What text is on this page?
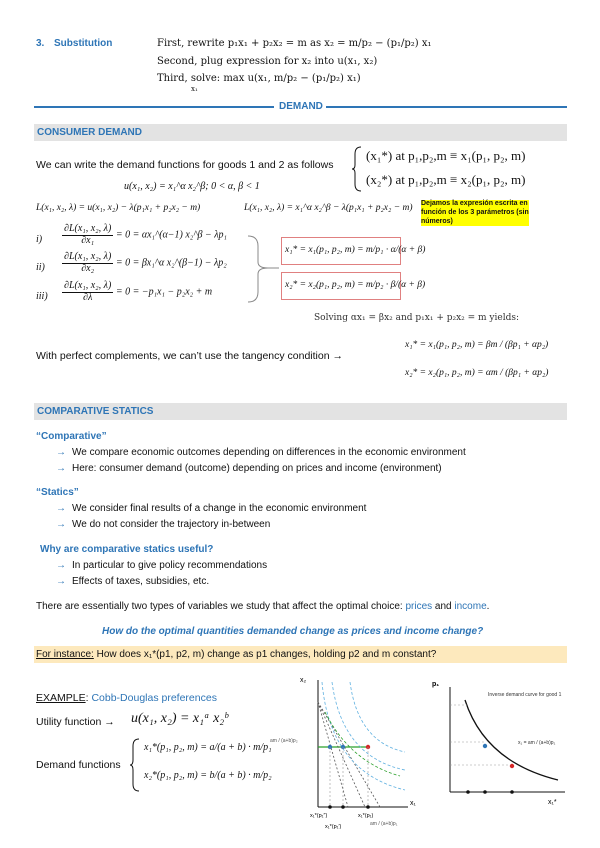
3. Substitution	First, rewrite p₁x₁ + p₂x₂ = m as x₂ = m/p₂ − (p₁/p₂) x₁
Second, plug expression for x₂ into u(x₁, x₂)
Third, solve: max u(x₁, m/p₂ − (p₁/p₂) x₁)
x₁
DEMAND
CONSUMER DEMAND
We can write the demand functions for goods 1 and 2 as follows
(x₁*) at p₁,p₂,m ≡ x₁(p₁, p₂, m)
(x₂*) at p₁,p₂,m ≡ x₂(p₁, p₂, m)
u(x₁, x₂) = x₁^α x₂^β; 0 < α, β < 1
L(x₁, x₂, λ) = u(x₁, x₂) − λ(p₁x₁ + p₂x₂ − m)	L(x₁, x₂, λ) = x₁^α x₂^β − λ(p₁x₁ + p₂x₂ − m) Dejamos la expresión escrita en función de los 3 parámetros (sin números)
$i) \frac{\text{∂L(x₁, x₂, λ)}}{\text{∂x₁}} = 0$ = αx₁^(α−1) x₂^β − λp₁
$ii) \frac{\text{∂L(x₁, x₂, λ)}}{\text{∂x₂}} = 0$ = βx₁^α x₂^(β−1) − λp₂
$iii) \frac{\text{∂L(x₁, x₂, λ)}}{\partial\lambda} = 0 = -p_1x_1 - p_2x_2 + m$
x₁* = x₁(p₁, p₂, m) = m/p₁ · α/(α + β)
x₂* = x₂(p₁, p₂, m) = m/p₂ · β/(α + β)
Solving αx₁ = βx₂ and p₁x₁ + p₂x₂ = m yields:
With perfect complements, we can’t use the tangency condition →
x₁* = x₁(p₁, p₂, m) = βm / (βp₁ + αp₂)
x₂* = x₂(p₁, p₂, m) = αm / (βp₁ + αp₂)
COMPARATIVE STATICS
“Comparative”
→ We compare economic outcomes depending on differences in the economic environment
→ Here: consumer demand (outcome) depending on prices and income (environment)
“Statics”
→ We consider final results of a change in the economic environment
→ We do not consider the trajectory in-between
Why are comparative statics useful?
→ In particular to give policy recommendations
→ Effects of taxes, subsidies, etc.
There are essentially two types of variables we study that affect the optimal choice: prices and income.
How do the optimal quantities demanded change as prices and income change?
For instance: How does x₁*(p1, p2, m) change as p1 changes, holding p2 and m constant?
EXAMPLE: Cobb-Douglas preferences
Utility function → u(x₁, x₂) = x₁ᵃ x₂ᵇ
Demand functions
x₁*(p₁, p₂, m) = a/(a + b) · m/p₁
x₂*(p₁, p₂, m) = b/(a + b) · m/p₂
x₂
x₁
am / (a+b)p₂
x₁*(p₁″)
x₁*(p₁′)
x₁*(p₁)
am / (a+b)p₁
p₁
x₁*
Inverse demand curve for good 1
x₁ = am / (a+b)p₁
